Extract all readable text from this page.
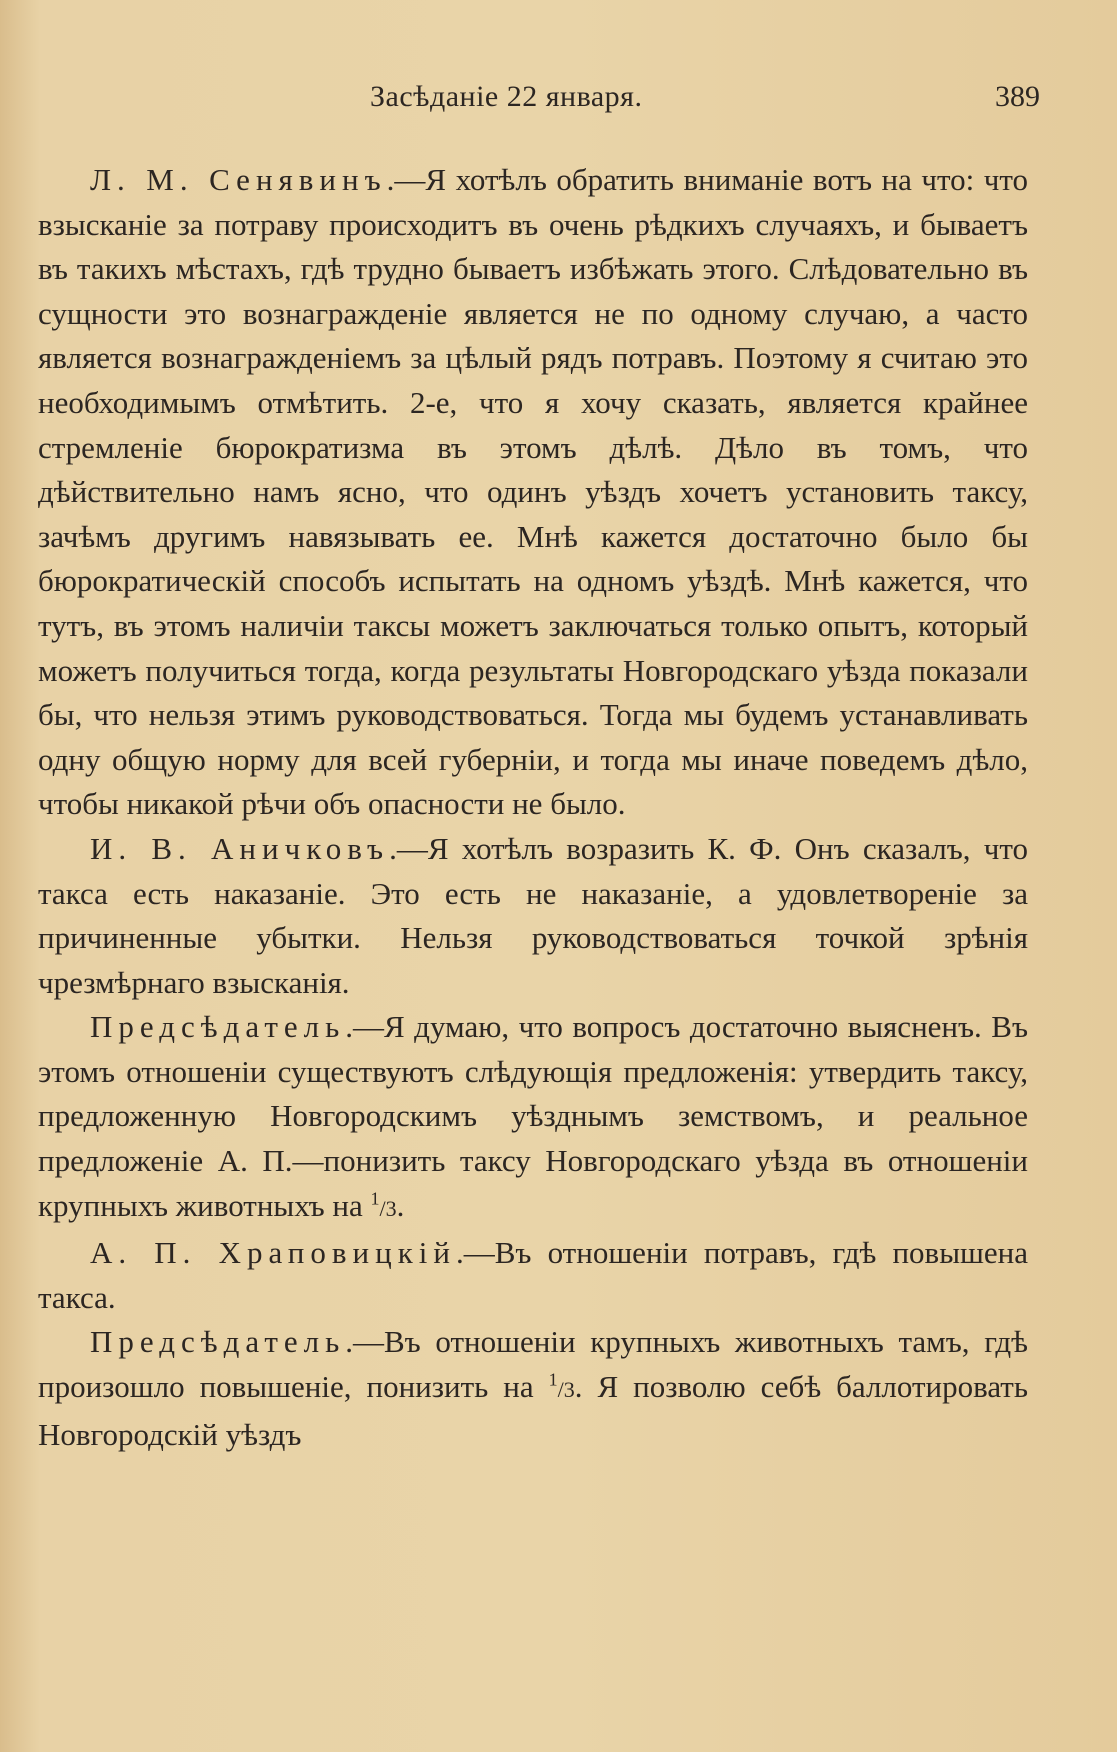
Засѣданіе 22 января.	389

Л. М. Сенявинъ.—Я хотѣлъ обратить вниманіе вотъ на что: что взысканіе за потраву происходитъ въ очень рѣдкихъ случаяхъ, и бываетъ въ такихъ мѣстахъ, гдѣ трудно бываетъ избѣжать этого. Слѣдовательно въ сущности это вознагражденіе является не по одному случаю, а часто является вознагражденіемъ за цѣлый рядъ потравъ. Поэтому я считаю это необходимымъ отмѣтить. 2-е, что я хочу сказать, является крайнее стремленіе бюрократизма въ этомъ дѣлѣ. Дѣло въ томъ, что дѣйствительно намъ ясно, что одинъ уѣздъ хочетъ установить таксу, зачѣмъ другимъ навязывать ее. Мнѣ кажется достаточно было бы бюрократическій способъ испытать на одномъ уѣздѣ. Мнѣ кажется, что тутъ, въ этомъ наличіи таксы можетъ заключаться только опытъ, который можетъ получиться тогда, когда результаты Новгородскаго уѣзда показали бы, что нельзя этимъ руководствоваться. Тогда мы будемъ устанавливать одну общую норму для всей губерніи, и тогда мы иначе поведемъ дѣло, чтобы никакой рѣчи объ опасности не было.

И. В. Аничковъ.—Я хотѣлъ возразить К. Ф. Онъ сказалъ, что такса есть наказаніе. Это есть не наказаніе, а удовлетвореніе за причиненные убытки. Нельзя руководствоваться точкой зрѣнія чрезмѣрнаго взысканія.

Предсѣдатель.—Я думаю, что вопросъ достаточно выясненъ. Въ этомъ отношеніи существуютъ слѣдующія предложенія: утвердить таксу, предложенную Новгородскимъ уѣзднымъ земствомъ, и реальное предложеніе А. П.—понизить таксу Новгородскаго уѣзда въ отношеніи крупныхъ животныхъ на $^1$/3.

А. П. Храповицкій.—Въ отношеніи потравъ, гдѣ повышена такса.

Предсѣдатель.—Въ отношеніи крупныхъ животныхъ тамъ, гдѣ произошло повышеніе, понизить на $^1$/3. Я позволю себѣ баллотировать Новгородскій уѣздъ
